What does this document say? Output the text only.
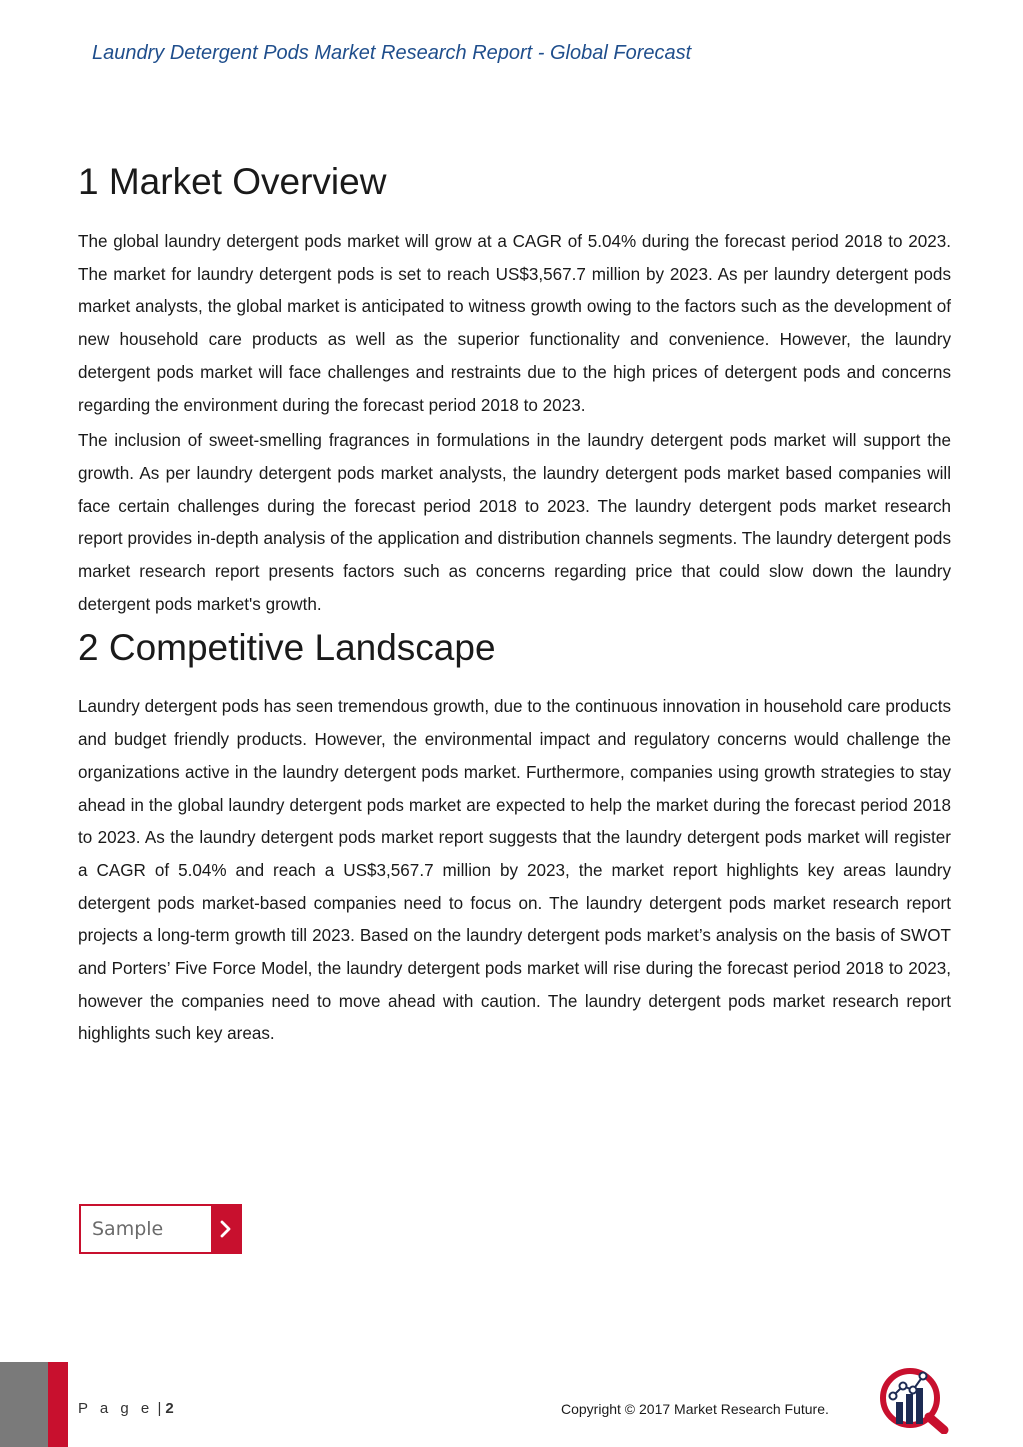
Laundry Detergent Pods Market Research Report - Global Forecast
1 Market Overview

The global laundry detergent pods market will grow at a CAGR of 5.04% during the forecast period 2018 to 2023. The market for laundry detergent pods is set to reach US$3,567.7 million by 2023. As per laundry detergent pods market analysts, the global market is anticipated to witness growth owing to the factors such as the development of new household care products as well as the superior functionality and convenience. However, the laundry detergent pods market will face challenges and restraints due to the high prices of detergent pods and concerns regarding the environment during the forecast period 2018 to 2023.

The inclusion of sweet-smelling fragrances in formulations in the laundry detergent pods market will support the growth. As per laundry detergent pods market analysts, the laundry detergent pods market based companies will face certain challenges during the forecast period 2018 to 2023. The laundry detergent pods market research report provides in-depth analysis of the application and distribution channels segments. The laundry detergent pods market research report presents factors such as concerns regarding price that could slow down the laundry detergent pods market's growth.

2 Competitive Landscape

Laundry detergent pods has seen tremendous growth, due to the continuous innovation in household care products and budget friendly products. However, the environmental impact and regulatory concerns would challenge the organizations active in the laundry detergent pods market. Furthermore, companies using growth strategies to stay ahead in the global laundry detergent pods market are expected to help the market during the forecast period 2018 to 2023. As the laundry detergent pods market report suggests that the laundry detergent pods market will register a CAGR of 5.04% and reach a US$3,567.7 million by 2023, the market report highlights key areas laundry detergent pods market-based companies need to focus on. The laundry detergent pods market research report projects a long-term growth till 2023. Based on the laundry detergent pods market’s analysis on the basis of SWOT and Porters’ Five Force Model, the laundry detergent pods market will rise during the forecast period 2018 to 2023, however the companies need to move ahead with caution. The laundry detergent pods market research report highlights such key areas.

Sample
P a g e | 2	Copyright © 2017 Market Research Future.
